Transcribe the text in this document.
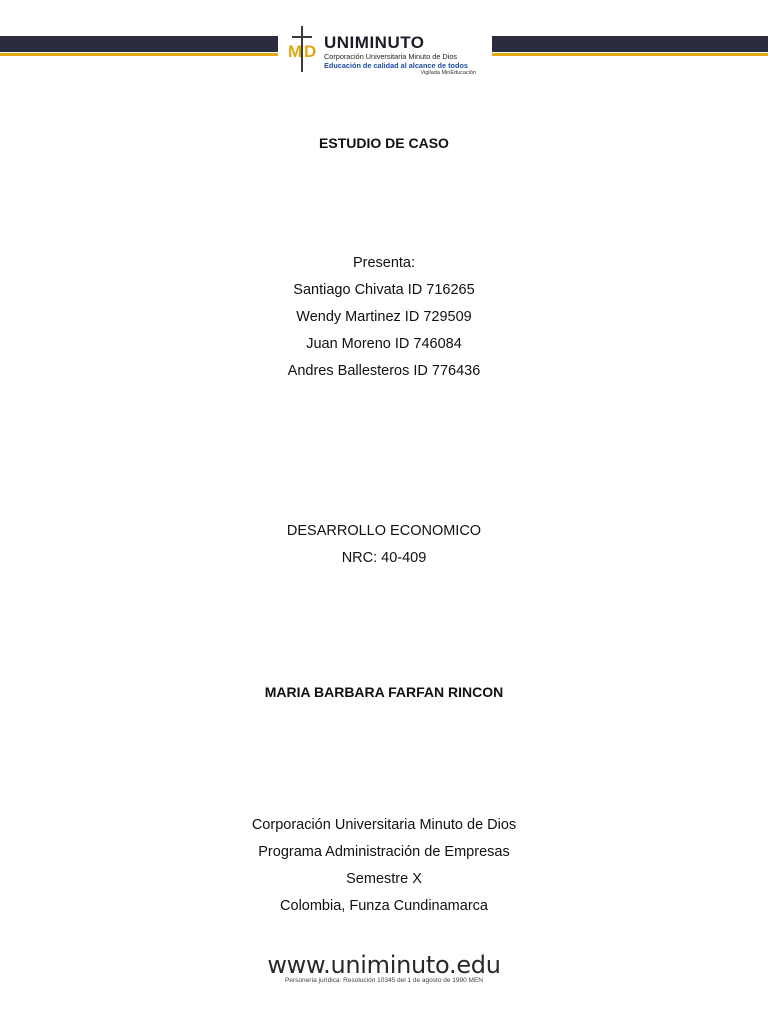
M D UNIMINUTO
Corporación Universitaria Minuto de Dios
Educación de calidad al alcance de todos
Vigilada MinEducación
ESTUDIO DE CASO
Presenta:
Santiago Chivata ID 716265
Wendy Martinez ID 729509
Juan Moreno ID 746084
Andres Ballesteros ID 776436
DESARROLLO ECONOMICO
NRC: 40-409
MARIA BARBARA FARFAN RINCON
Corporación Universitaria Minuto de Dios
Programa Administración de Empresas
Semestre X
Colombia, Funza Cundinamarca
www.uniminuto.edu
Personería jurídica: Resolución 10345 del 1 de agosto de 1990 MEN
